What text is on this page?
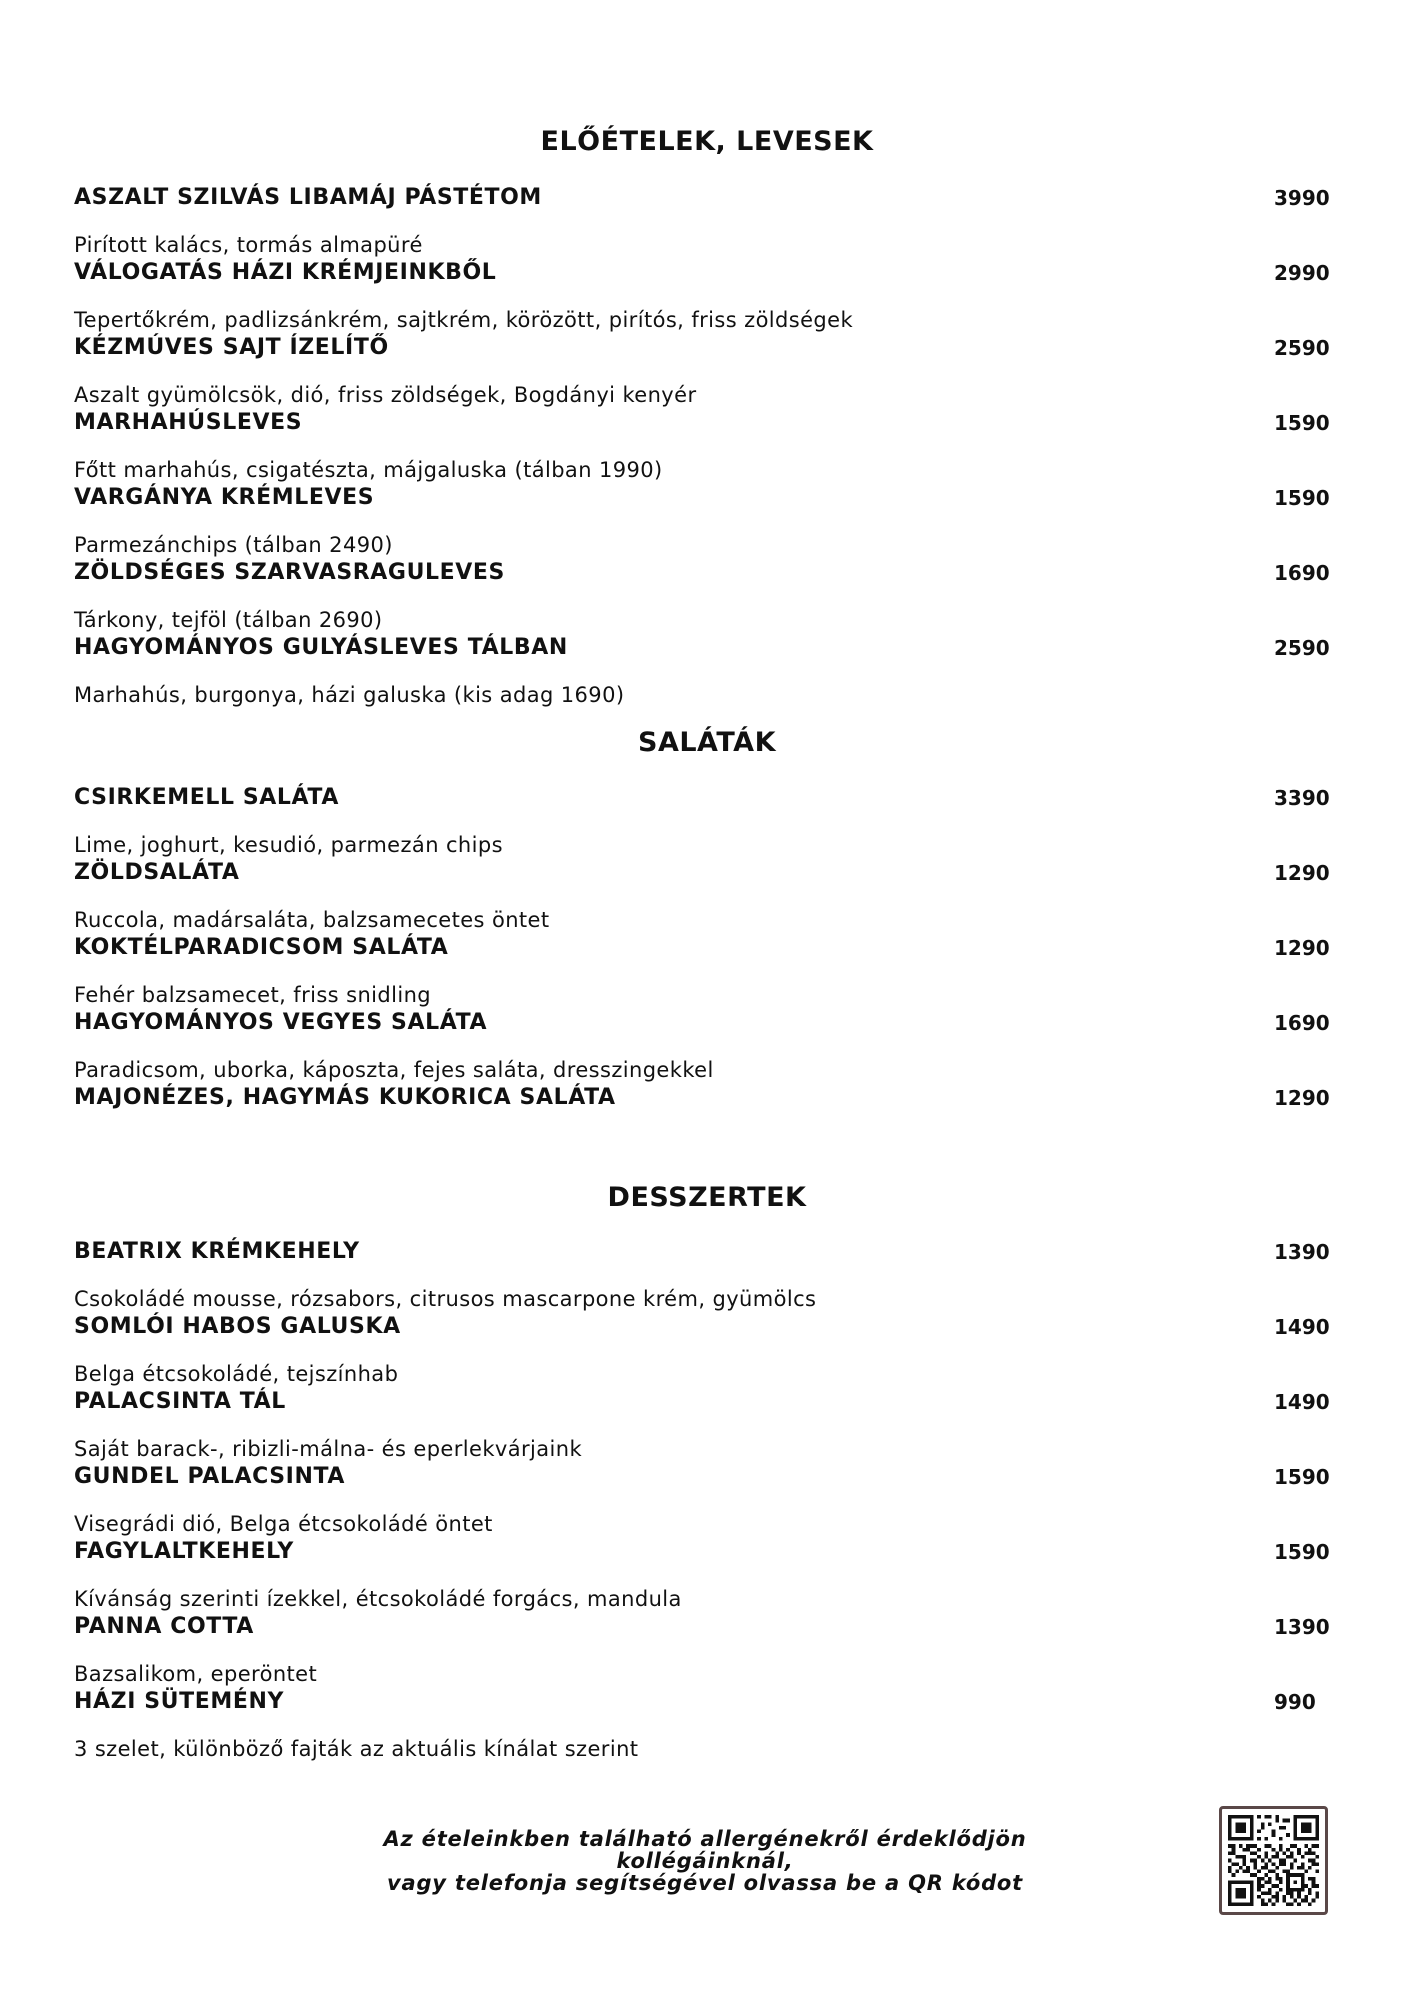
ELŐÉTELEK, LEVESEK
ASZALT SZILVÁS LIBAMÁJ PÁSTÉTOM	3990
Pirított kalács, tormás almapüré
VÁLOGATÁS HÁZI KRÉMJEINKBŐL	2990
Tepertőkrém, padlizsánkrém, sajtkrém, körözött, pirítós, friss zöldségek
KÉZMÚVES SAJT ÍZELÍTŐ	2590
Aszalt gyümölcsök, dió, friss zöldségek, Bogdányi kenyér
MARHAHÚSLEVES	1590
Főtt marhahús, csigatészta, májgaluska (tálban 1990)
VARGÁNYA KRÉMLEVES	1590
Parmezánchips (tálban 2490)
ZÖLDSÉGES SZARVASRAGULEVES	1690
Tárkony, tejföl (tálban 2690)
HAGYOMÁNYOS GULYÁSLEVES TÁLBAN	2590
Marhahús, burgonya, házi galuska (kis adag 1690)
SALÁTÁK
CSIRKEMELL SALÁTA	3390
Lime, joghurt, kesudió, parmezán chips
ZÖLDSALÁTA	1290
Ruccola, madársaláta, balzsamecetes öntet
KOKTÉLPARADICSOM SALÁTA	1290
Fehér balzsamecet, friss snidling
HAGYOMÁNYOS VEGYES SALÁTA	1690
Paradicsom, uborka, káposzta, fejes saláta, dresszingekkel
MAJONÉZES, HAGYMÁS KUKORICA SALÁTA	1290
DESSZERTEK
BEATRIX KRÉMKEHELY	1390
Csokoládé mousse, rózsabors, citrusos mascarpone krém, gyümölcs
SOMLÓI HABOS GALUSKA	1490
Belga étcsokoládé, tejszínhab
PALACSINTA TÁL	1490
Saját barack-, ribizli-málna- és eperlekvárjaink
GUNDEL PALACSINTA	1590
Visegrádi dió, Belga étcsokoládé öntet
FAGYLALTKEHELY	1590
Kívánság szerinti ízekkel, étcsokoládé forgács, mandula
PANNA COTTA	1390
Bazsalikom, eperöntet
HÁZI SÜTEMÉNY	990
3 szelet, különböző fajták az aktuális kínálat szerint
Az ételeinkben található allergénekről érdeklődjön kollégáinknál,
vagy telefonja segítségével olvassa be a QR kódot
